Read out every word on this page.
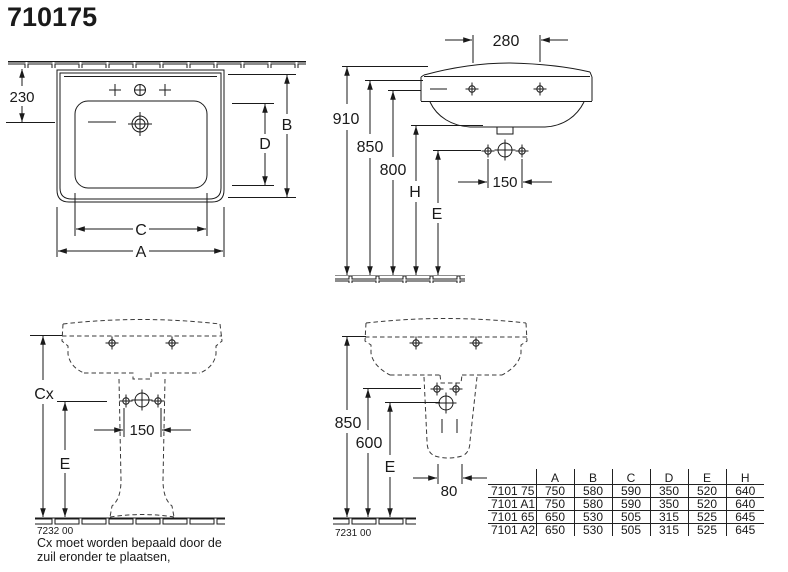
710175
230
B
D
C
A
280
150
910
850
800
H
E
150
Cx
E
7232 00
80
850
600
E
7231 00
	A	B	C	D	E	H
7101 75	750	580	590	350	520	640
7101 A1	750	580	590	350	520	640
7101 65	650	530	505	315	525	645
7101 A2	650	530	505	315	525	645
Cx moet worden bepaald door de
zuil eronder te plaatsen,
